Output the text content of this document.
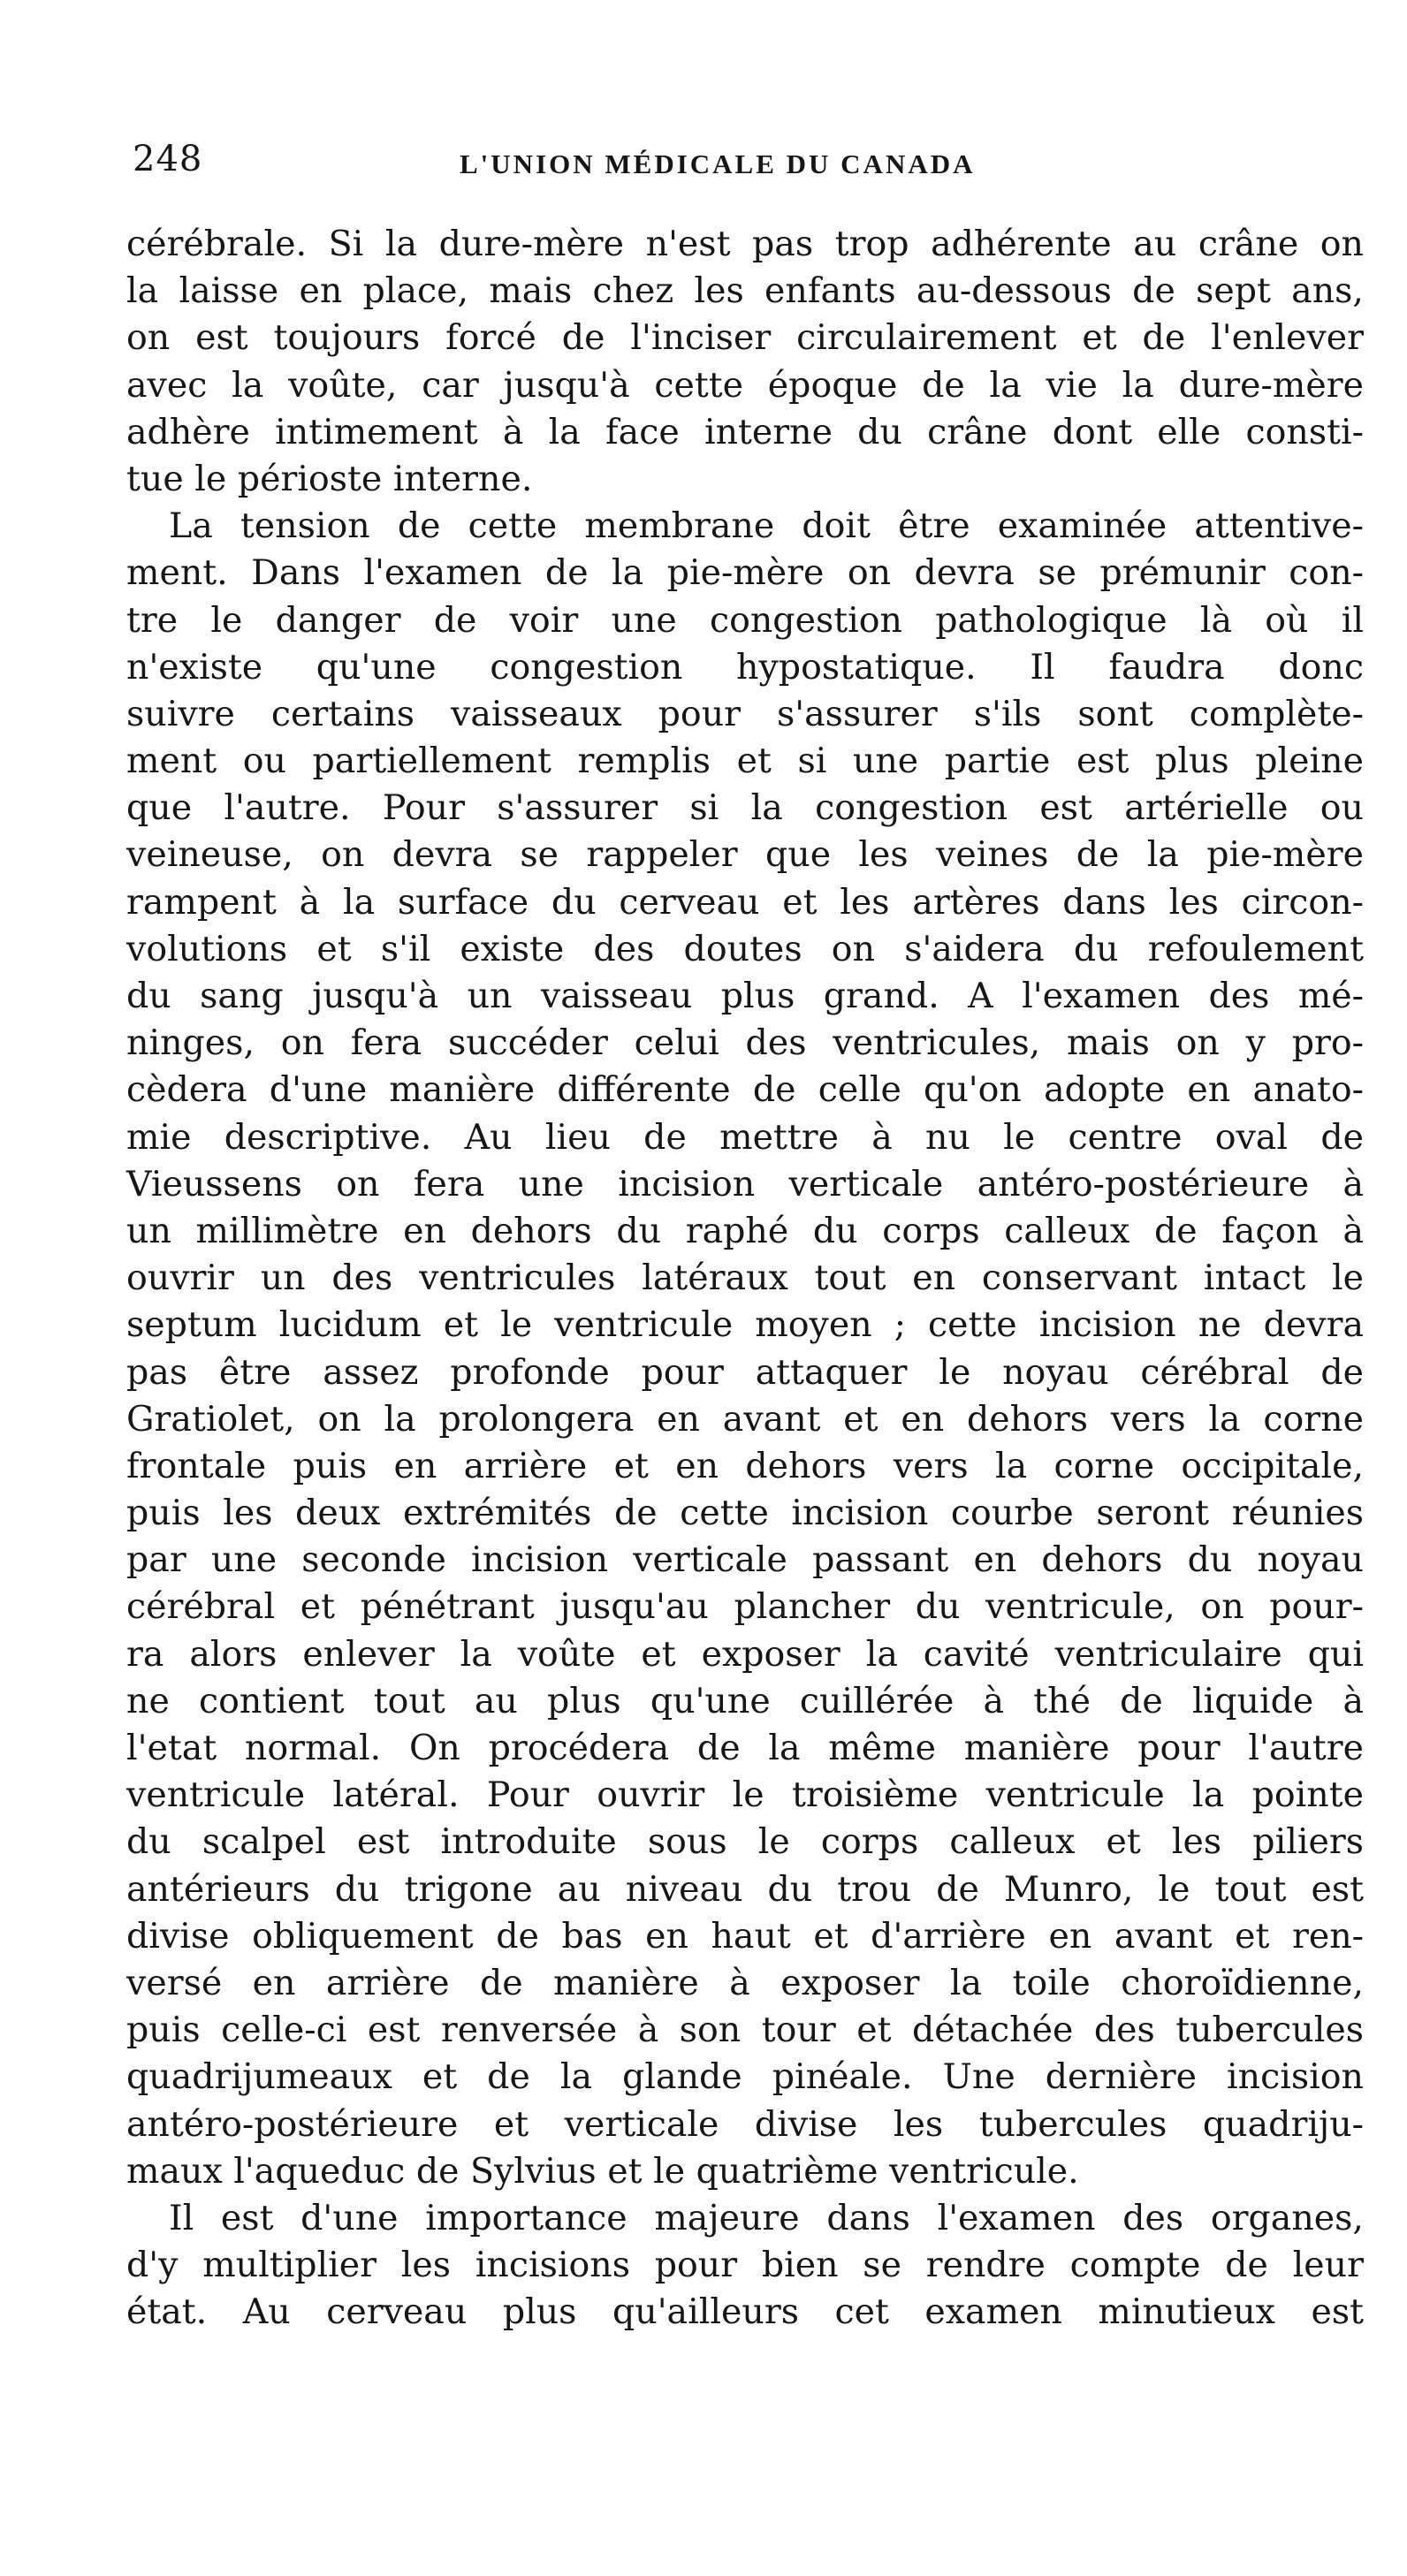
248	L'UNION MÉDICALE DU CANADA
cérébrale. Si la dure-mère n'est pas trop adhérente au crâne on
la laisse en place, mais chez les enfants au-dessous de sept ans,
on est toujours forcé de l'inciser circulairement et de l'enlever
avec la voûte, car jusqu'à cette époque de la vie la dure-mère
adhère intimement à la face interne du crâne dont elle consti-
tue le périoste interne.
La tension de cette membrane doit être examinée attentive-
ment. Dans l'examen de la pie-mère on devra se prémunir con-
tre le danger de voir une congestion pathologique là où il
n'existe qu'une congestion hypostatique. Il faudra donc
suivre certains vaisseaux pour s'assurer s'ils sont complète-
ment ou partiellement remplis et si une partie est plus pleine
que l'autre. Pour s'assurer si la congestion est artérielle ou
veineuse, on devra se rappeler que les veines de la pie-mère
rampent à la surface du cerveau et les artères dans les circon-
volutions et s'il existe des doutes on s'aidera du refoulement
du sang jusqu'à un vaisseau plus grand. A l'examen des mé-
ninges, on fera succéder celui des ventricules, mais on y pro-
cèdera d'une manière différente de celle qu'on adopte en anato-
mie descriptive. Au lieu de mettre à nu le centre oval de
Vieussens on fera une incision verticale antéro-postérieure à
un millimètre en dehors du raphé du corps calleux de façon à
ouvrir un des ventricules latéraux tout en conservant intact le
septum lucidum et le ventricule moyen ; cette incision ne devra
pas être assez profonde pour attaquer le noyau cérébral de
Gratiolet, on la prolongera en avant et en dehors vers la corne
frontale puis en arrière et en dehors vers la corne occipitale,
puis les deux extrémités de cette incision courbe seront réunies
par une seconde incision verticale passant en dehors du noyau
cérébral et pénétrant jusqu'au plancher du ventricule, on pour-
ra alors enlever la voûte et exposer la cavité ventriculaire qui
ne contient tout au plus qu'une cuillérée à thé de liquide à
l'etat normal. On procédera de la même manière pour l'autre
ventricule latéral. Pour ouvrir le troisième ventricule la pointe
du scalpel est introduite sous le corps calleux et les piliers
antérieurs du trigone au niveau du trou de Munro, le tout est
divise obliquement de bas en haut et d'arrière en avant et ren-
versé en arrière de manière à exposer la toile choroïdienne,
puis celle-ci est renversée à son tour et détachée des tubercules
quadrijumeaux et de la glande pinéale. Une dernière incision
antéro-postérieure et verticale divise les tubercules quadriju-
maux l'aqueduc de Sylvius et le quatrième ventricule.
Il est d'une importance majeure dans l'examen des organes,
d'y multiplier les incisions pour bien se rendre compte de leur
état. Au cerveau plus qu'ailleurs cet examen minutieux est
